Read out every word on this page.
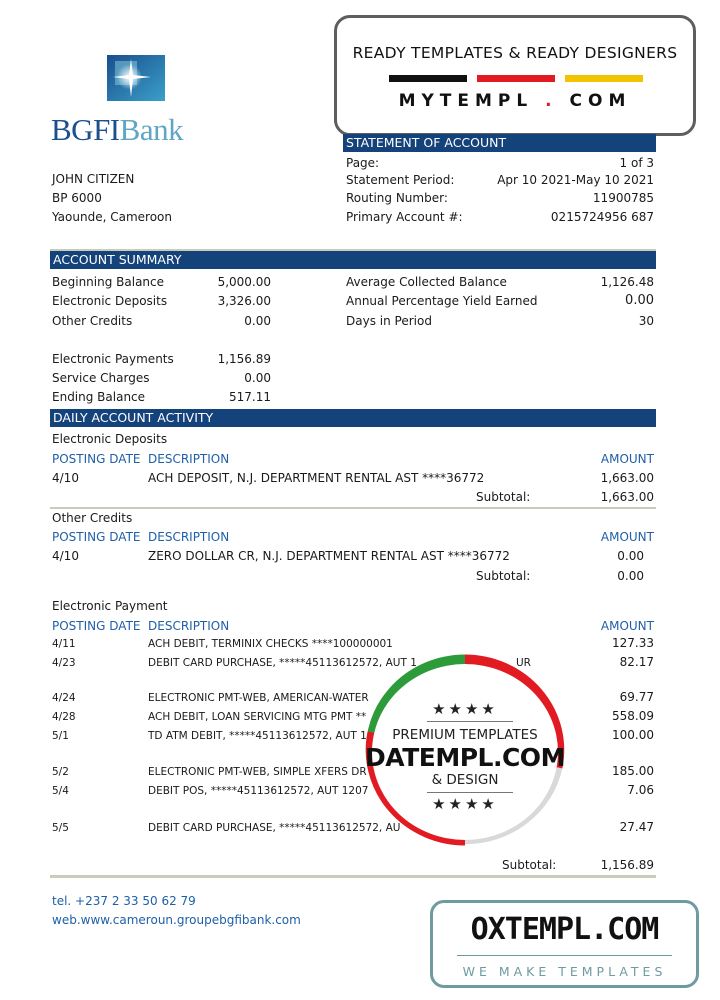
READY TEMPLATES & READY DESIGNERS
MYTEMPL . COM
BGFIBank
JOHN CITIZEN
BP 6000
Yaounde, Cameroon
STATEMENT OF ACCOUNT
Page:	1 of 3
Statement Period:	Apr 10 2021-May 10 2021
Routing Number:	11900785
Primary Account #:	0215724956 687
ACCOUNT SUMMARY
Beginning Balance	5,000.00
Electronic Deposits	3,326.00
Other Credits	0.00
Electronic Payments	1,156.89
Service Charges	0.00
Ending Balance	517.11
Average Collected Balance	1,126.48
Annual Percentage Yield Earned	0.00
Days in Period	30
DAILY ACCOUNT ACTIVITY
Electronic Deposits
POSTING DATE DESCRIPTION	AMOUNT
4/10	ACH DEPOSIT, N.J. DEPARTMENT RENTAL AST ****36772	1,663.00
Subtotal:	1,663.00
Other Credits
POSTING DATE DESCRIPTION	AMOUNT
4/10	ZERO DOLLAR CR, N.J. DEPARTMENT RENTAL AST ****36772	0.00
Subtotal:	0.00
Electronic Payment
POSTING DATE DESCRIPTION	AMOUNT
4/11	ACH DEBIT, TERMINIX CHECKS ****100000001	127.33
4/23	DEBIT CARD PURCHASE, *****45113612572, AUT 1	UR	82.17
4/24	ELECTRONIC PMT-WEB, AMERICAN-WATER	69.77
4/28	ACH DEBIT, LOAN SERVICING MTG PMT **	558.09
5/1	TD ATM DEBIT, *****45113612572, AUT 1	100.00
5/2	ELECTRONIC PMT-WEB, SIMPLE XFERS DR	185.00
5/4	DEBIT POS, *****45113612572, AUT 1207	7.06
5/5	DEBIT CARD PURCHASE, *****45113612572, AU	27.47
Subtotal:	1,156.89
tel. +237 2 33 50 62 79
web.www.cameroun.groupebgfibank.com
★★★★
PREMIUM TEMPLATES
DATEMPL.COM
& DESIGN
★★★★
OXTEMPL.COM
WE MAKE TEMPLATES
